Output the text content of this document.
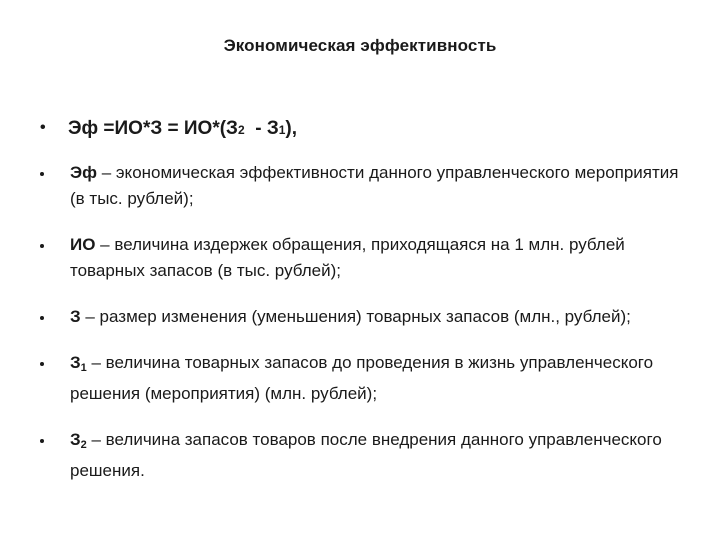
Экономическая эффективность
•	Эф =ИО*З = ИО*(З 2 - З 1 ),
Эф – экономическая эффективности данного управленческого мероприятия (в тыс. рублей);
ИО – величина издержек обращения, приходящаяся на 1 млн. рублей товарных запасов (в тыс. рублей);
З – размер изменения (уменьшения) товарных запасов (млн., рублей);
$З_1$ – величина товарных запасов до проведения в жизнь управленческого решения (мероприятия) (млн. рублей);
$З_2$ – величина запасов товаров после внедрения данного управленческого решения.
